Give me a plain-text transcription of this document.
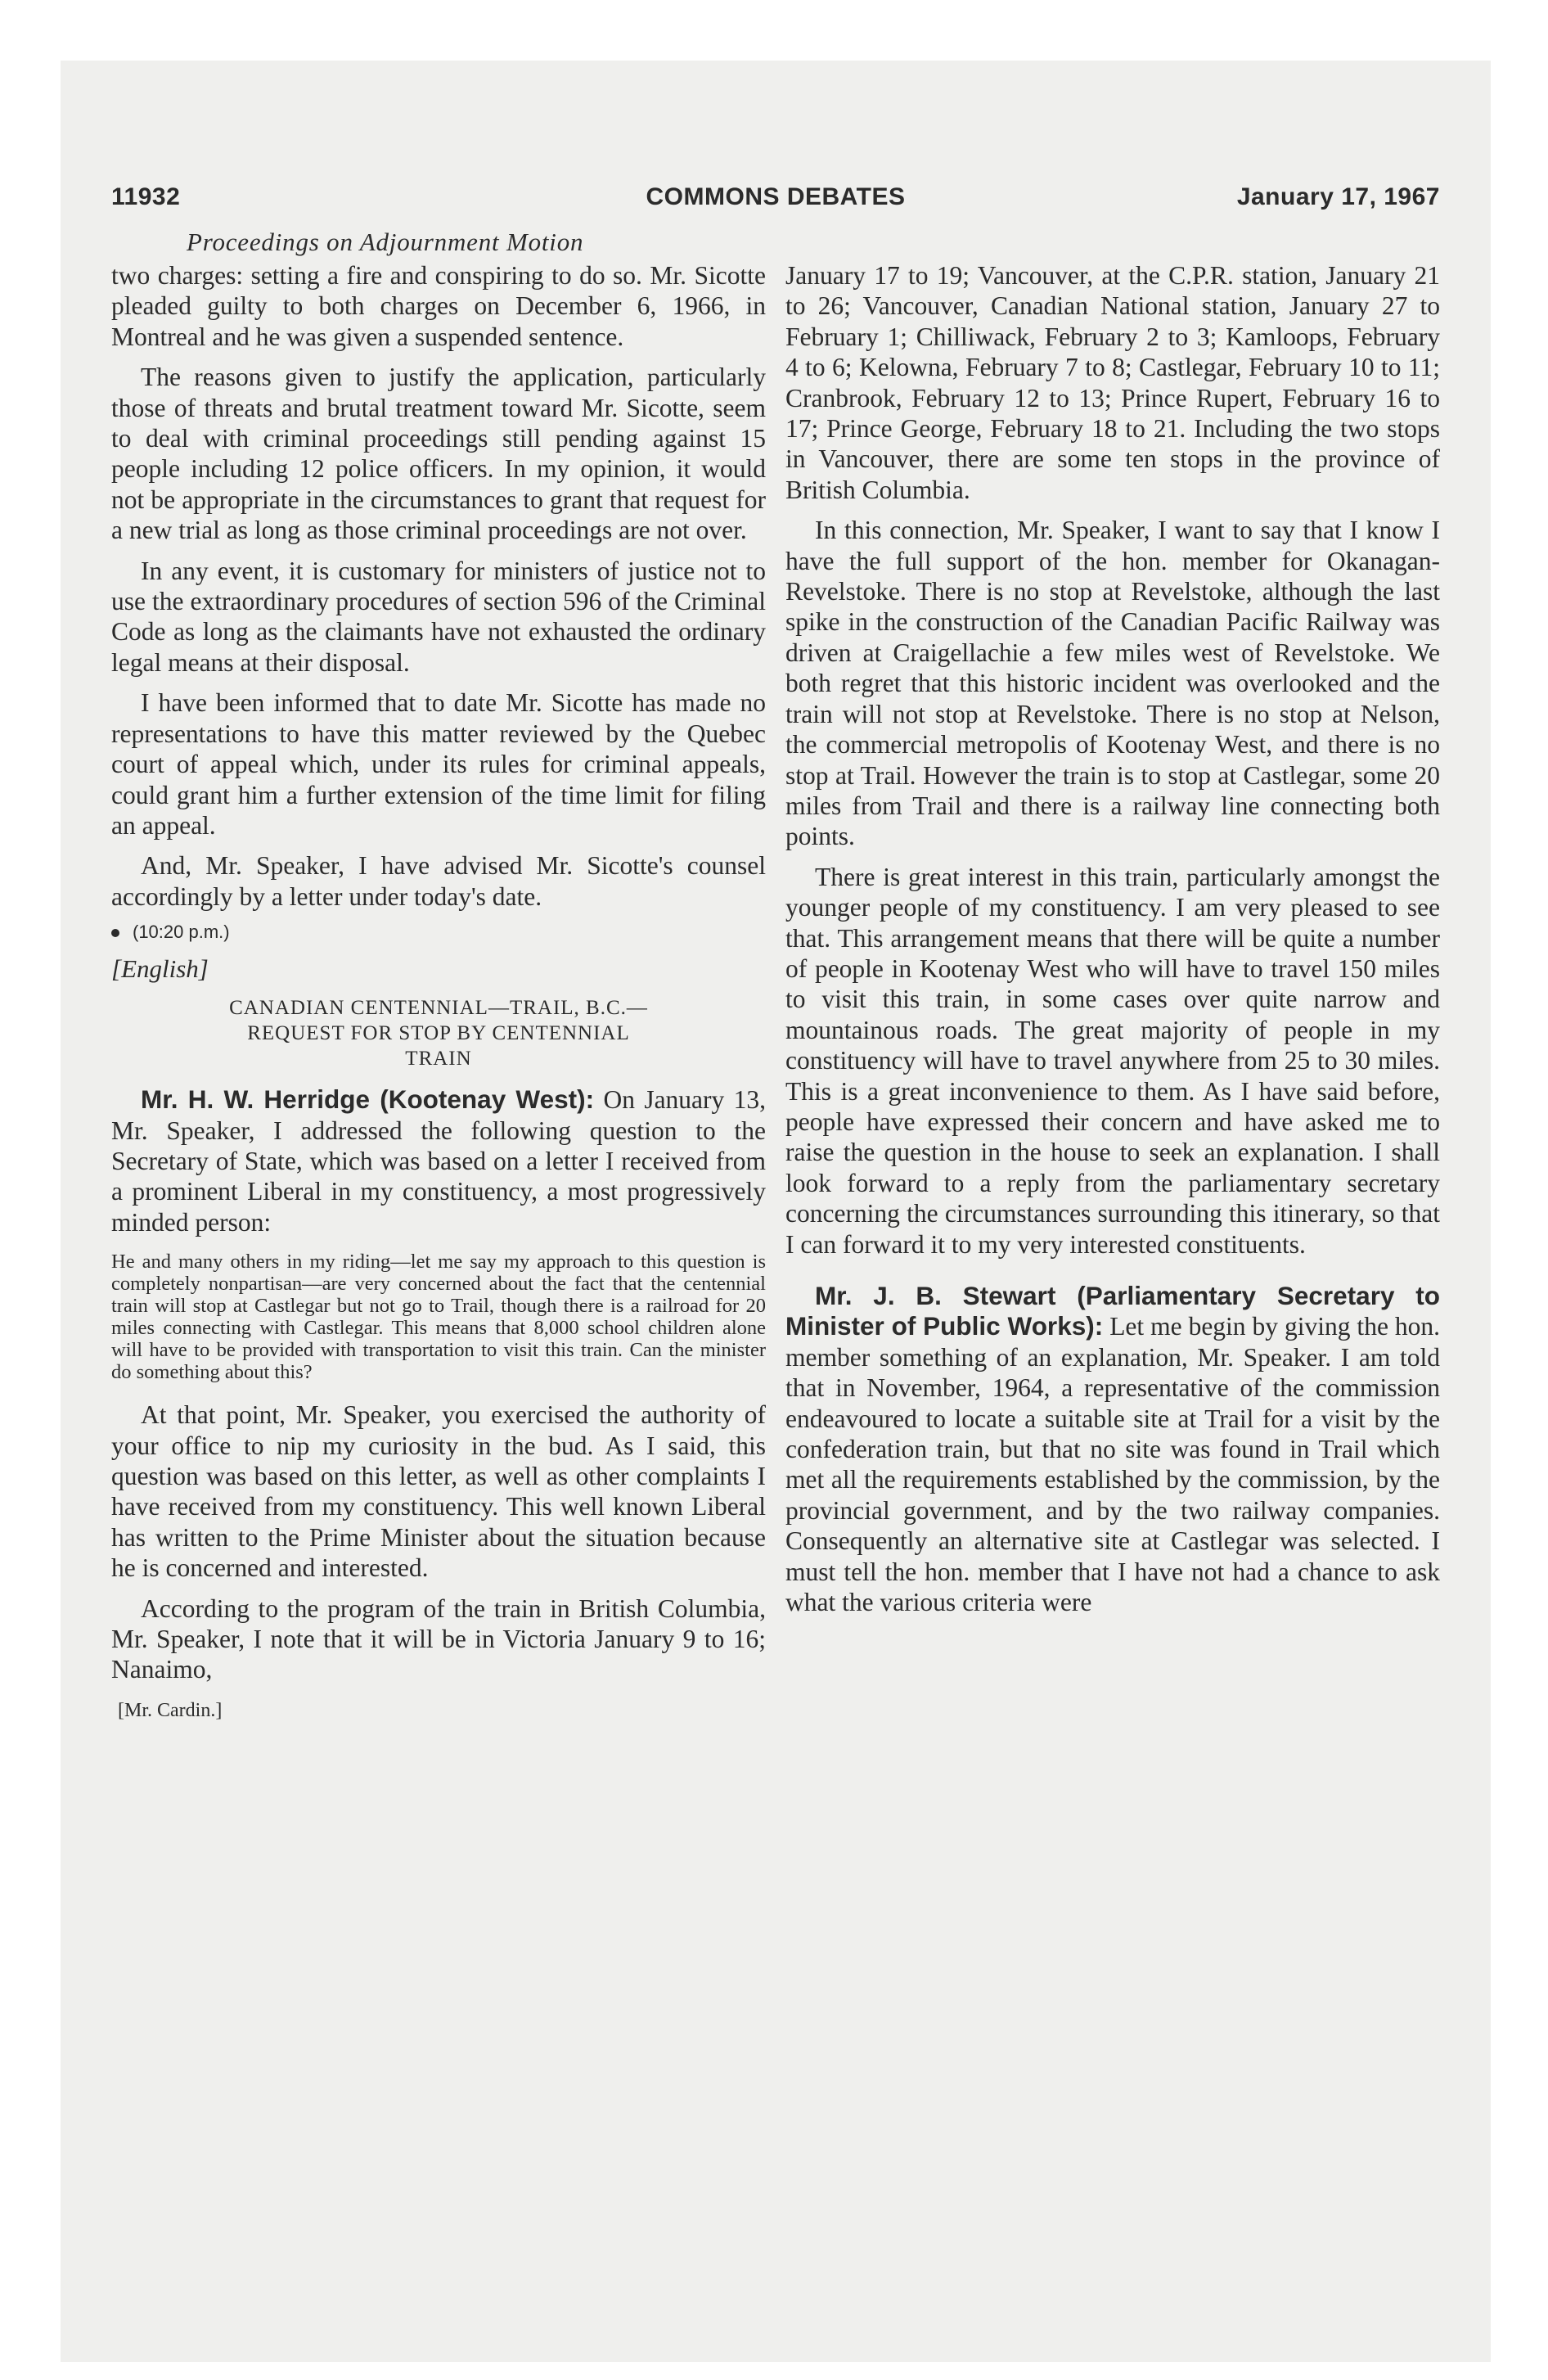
11932	COMMONS DEBATES	January 17, 1967
Proceedings on Adjournment Motion

two charges: setting a fire and conspiring to do so. Mr. Sicotte pleaded guilty to both charges on December 6, 1966, in Montreal and he was given a suspended sentence.

The reasons given to justify the application, particularly those of threats and brutal treatment toward Mr. Sicotte, seem to deal with criminal proceedings still pending against 15 people including 12 police officers. In my opinion, it would not be appropriate in the circumstances to grant that request for a new trial as long as those criminal proceedings are not over.

In any event, it is customary for ministers of justice not to use the extraordinary procedures of section 596 of the Criminal Code as long as the claimants have not exhausted the ordinary legal means at their disposal.

I have been informed that to date Mr. Sicotte has made no representations to have this matter reviewed by the Quebec court of appeal which, under its rules for criminal appeals, could grant him a further extension of the time limit for filing an appeal.

And, Mr. Speaker, I have advised Mr. Sicotte's counsel accordingly by a letter under today's date.

(10:20 p.m.)
[English]
CANADIAN CENTENNIAL—TRAIL, B.C.—
REQUEST FOR STOP BY CENTENNIAL
TRAIN

Mr. H. W. Herridge (Kootenay West): On January 13, Mr. Speaker, I addressed the following question to the Secretary of State, which was based on a letter I received from a prominent Liberal in my constituency, a most progressively minded person:

He and many others in my riding—let me say my approach to this question is completely nonpartisan—are very concerned about the fact that the centennial train will stop at Castlegar but not go to Trail, though there is a railroad for 20 miles connecting with Castlegar. This means that 8,000 school children alone will have to be provided with transportation to visit this train. Can the minister do something about this?

At that point, Mr. Speaker, you exercised the authority of your office to nip my curiosity in the bud. As I said, this question was based on this letter, as well as other complaints I have received from my constituency. This well known Liberal has written to the Prime Minister about the situation because he is concerned and interested.

According to the program of the train in British Columbia, Mr. Speaker, I note that it will be in Victoria January 9 to 16; Nanaimo,

[Mr. Cardin.]

January 17 to 19; Vancouver, at the C.P.R. station, January 21 to 26; Vancouver, Canadian National station, January 27 to February 1; Chilliwack, February 2 to 3; Kamloops, February 4 to 6; Kelowna, February 7 to 8; Castlegar, February 10 to 11; Cranbrook, February 12 to 13; Prince Rupert, February 16 to 17; Prince George, February 18 to 21. Including the two stops in Vancouver, there are some ten stops in the province of British Columbia.

In this connection, Mr. Speaker, I want to say that I know I have the full support of the hon. member for Okanagan-Revelstoke. There is no stop at Revelstoke, although the last spike in the construction of the Canadian Pacific Railway was driven at Craigellachie a few miles west of Revelstoke. We both regret that this historic incident was overlooked and the train will not stop at Revelstoke. There is no stop at Nelson, the commercial metropolis of Kootenay West, and there is no stop at Trail. However the train is to stop at Castlegar, some 20 miles from Trail and there is a railway line connecting both points.

There is great interest in this train, particularly amongst the younger people of my constituency. I am very pleased to see that. This arrangement means that there will be quite a number of people in Kootenay West who will have to travel 150 miles to visit this train, in some cases over quite narrow and mountainous roads. The great majority of people in my constituency will have to travel anywhere from 25 to 30 miles. This is a great inconvenience to them. As I have said before, people have expressed their concern and have asked me to raise the question in the house to seek an explanation. I shall look forward to a reply from the parliamentary secretary concerning the circumstances surrounding this itinerary, so that I can forward it to my very interested constituents.

Mr. J. B. Stewart (Parliamentary Secretary to Minister of Public Works): Let me begin by giving the hon. member something of an explanation, Mr. Speaker. I am told that in November, 1964, a representative of the commission endeavoured to locate a suitable site at Trail for a visit by the confederation train, but that no site was found in Trail which met all the requirements established by the commission, by the provincial government, and by the two railway companies. Consequently an alternative site at Castlegar was selected. I must tell the hon. member that I have not had a chance to ask what the various criteria were
